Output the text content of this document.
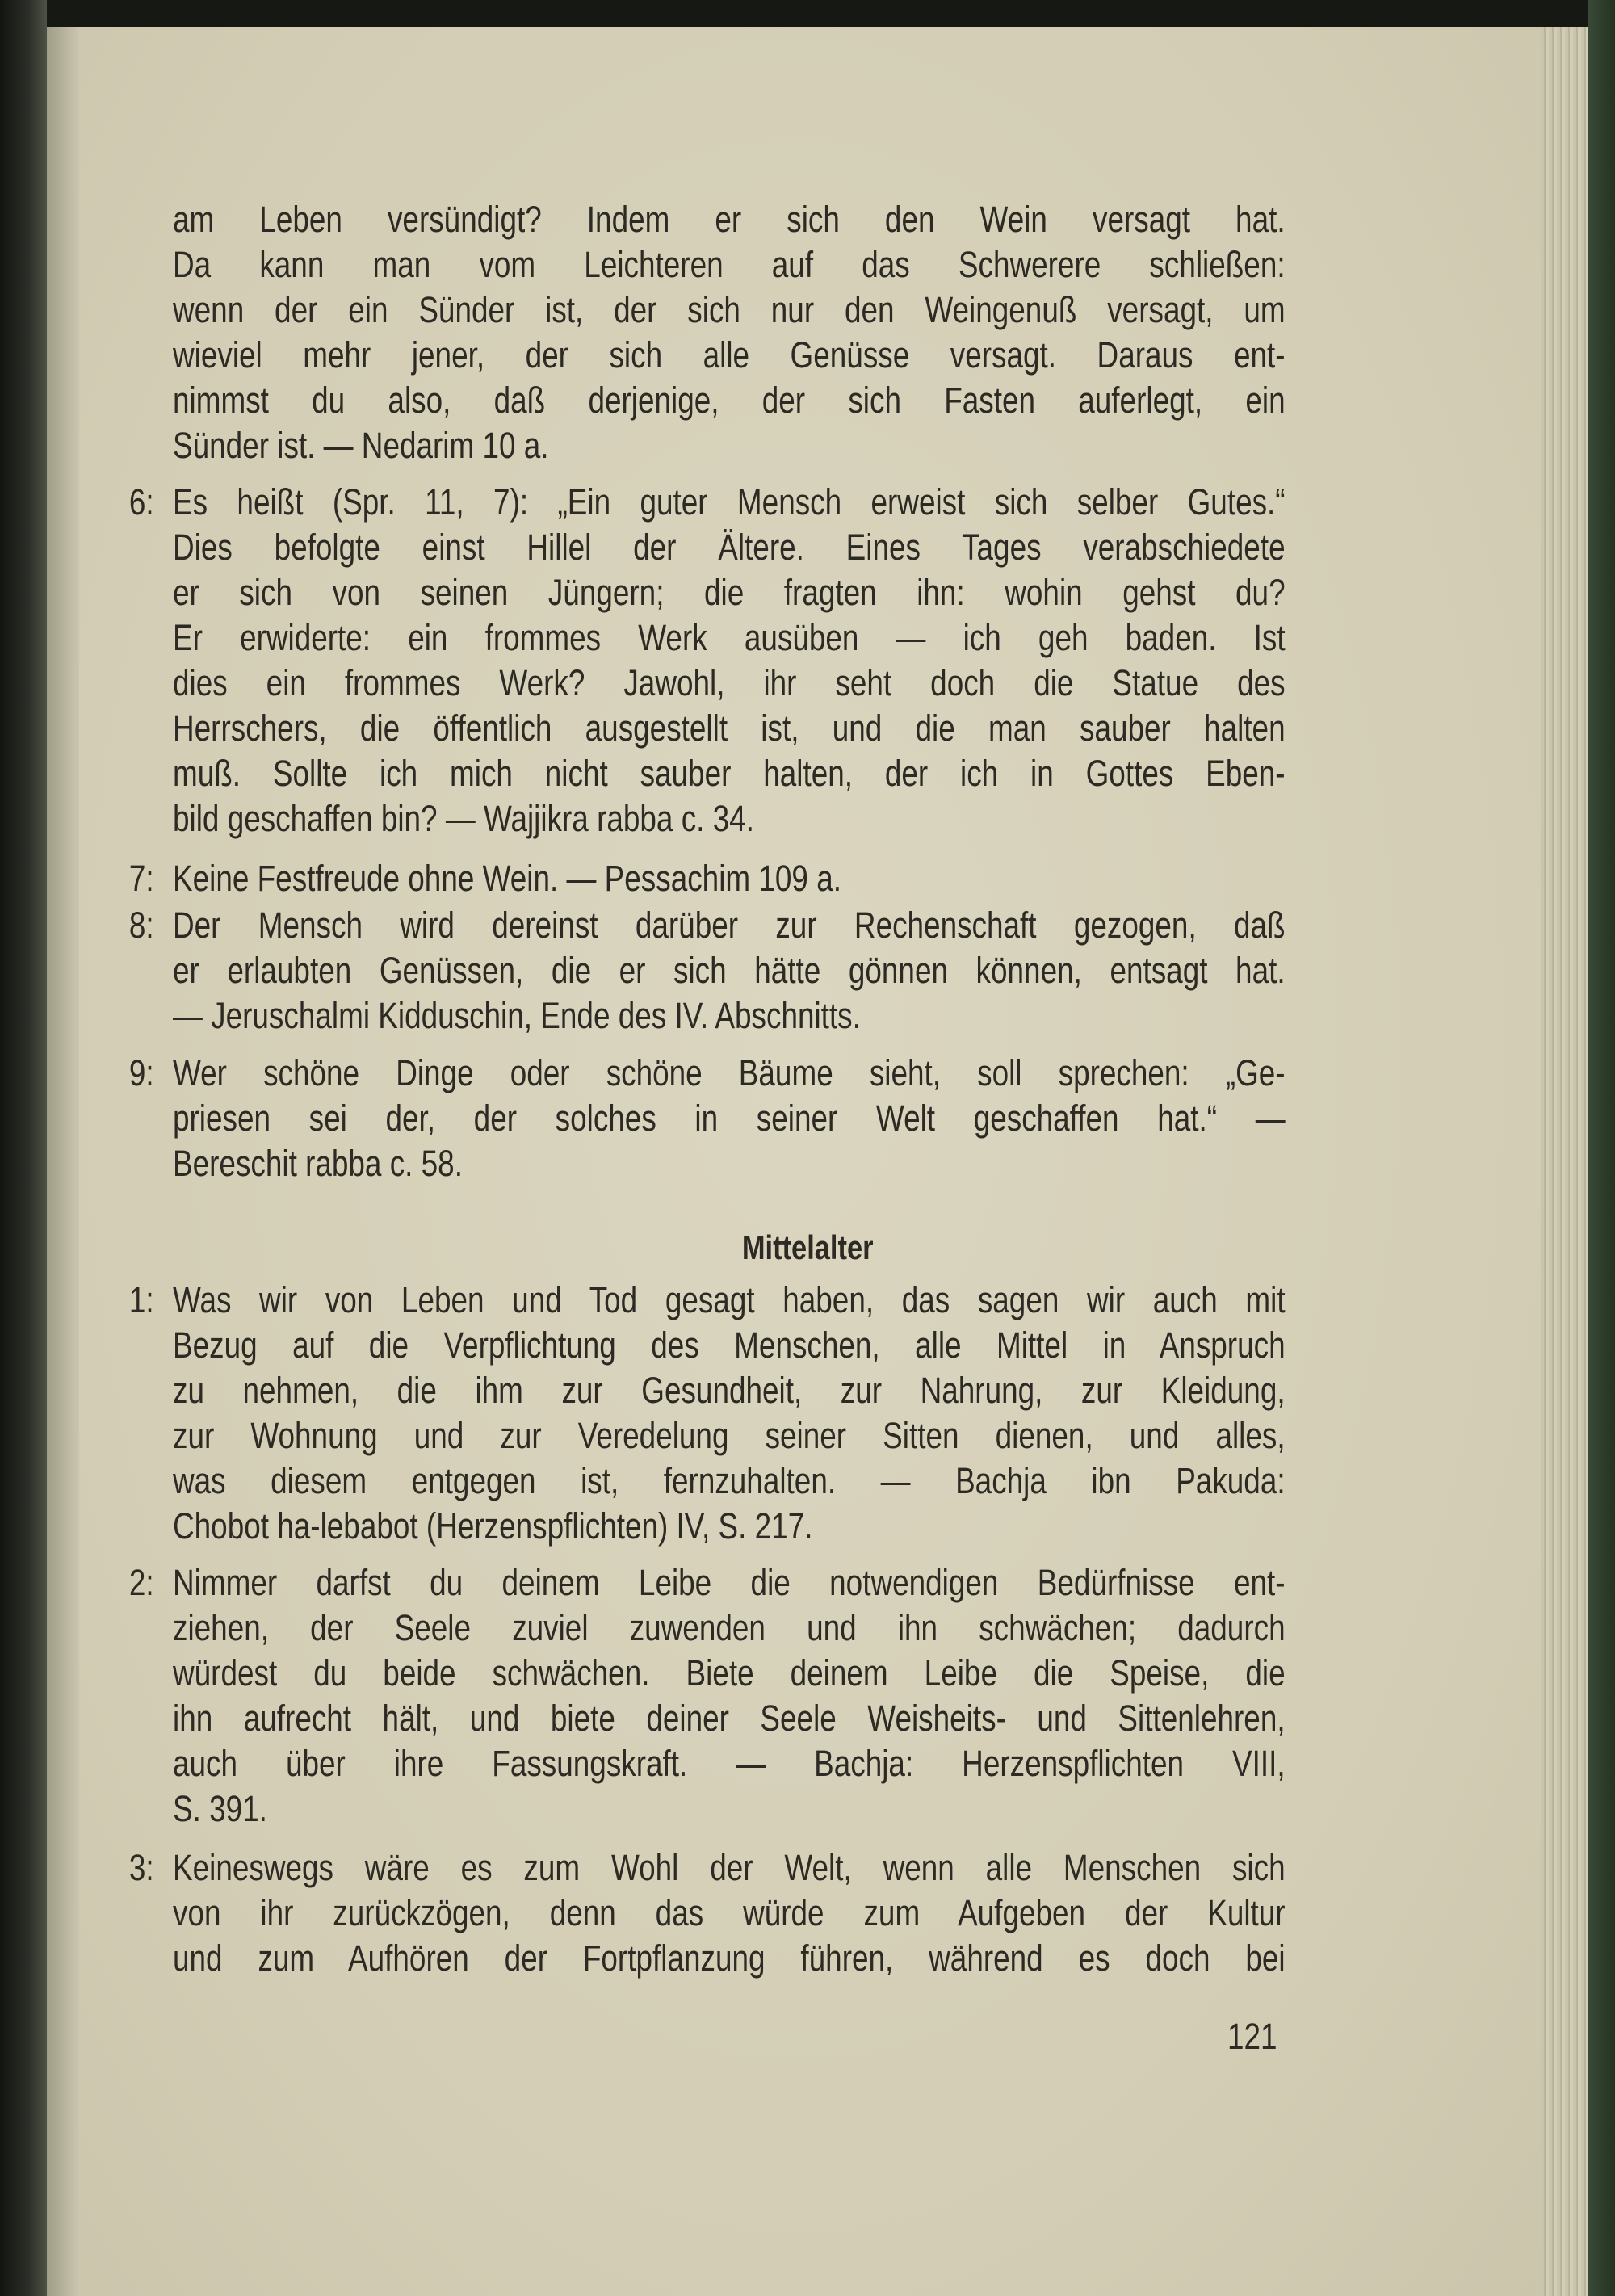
am Leben versündigt? Indem er sich den Wein versagt hat.
Da kann man vom Leichteren auf das Schwerere schließen:
wenn der ein Sünder ist, der sich nur den Weingenuß versagt, um
wieviel mehr jener, der sich alle Genüsse versagt. Daraus ent-
nimmst du also, daß derjenige, der sich Fasten auferlegt, ein
Sünder ist. — Nedarim 10 a.
6: Es heißt (Spr. 11, 7): „Ein guter Mensch erweist sich selber Gutes.“
Dies befolgte einst Hillel der Ältere. Eines Tages verabschiedete
er sich von seinen Jüngern; die fragten ihn: wohin gehst du?
Er erwiderte: ein frommes Werk ausüben — ich geh baden. Ist
dies ein frommes Werk? Jawohl, ihr seht doch die Statue des
Herrschers, die öffentlich ausgestellt ist, und die man sauber halten
muß. Sollte ich mich nicht sauber halten, der ich in Gottes Eben-
bild geschaffen bin? — Wajjikra rabba c. 34.
7: Keine Festfreude ohne Wein. — Pessachim 109 a.
8: Der Mensch wird dereinst darüber zur Rechenschaft gezogen, daß
er erlaubten Genüssen, die er sich hätte gönnen können, entsagt hat.
— Jeruschalmi Kidduschin, Ende des IV. Abschnitts.
9: Wer schöne Dinge oder schöne Bäume sieht, soll sprechen: „Ge-
priesen sei der, der solches in seiner Welt geschaffen hat.“ —
Bereschit rabba c. 58.
1: Was wir von Leben und Tod gesagt haben, das sagen wir auch mit
Bezug auf die Verpflichtung des Menschen, alle Mittel in Anspruch
zu nehmen, die ihm zur Gesundheit, zur Nahrung, zur Kleidung,
zur Wohnung und zur Veredelung seiner Sitten dienen, und alles,
was diesem entgegen ist, fernzuhalten. — Bachja ibn Pakuda:
Chobot ha-lebabot (Herzenspflichten) IV, S. 217.
2: Nimmer darfst du deinem Leibe die notwendigen Bedürfnisse ent-
ziehen, der Seele zuviel zuwenden und ihn schwächen; dadurch
würdest du beide schwächen. Biete deinem Leibe die Speise, die
ihn aufrecht hält, und biete deiner Seele Weisheits- und Sittenlehren,
auch über ihre Fassungskraft. — Bachja: Herzenspflichten VIII,
S. 391.
3: Keineswegs wäre es zum Wohl der Welt, wenn alle Menschen sich
von ihr zurückzögen, denn das würde zum Aufgeben der Kultur
und zum Aufhören der Fortpflanzung führen, während es doch bei
Mittelalter
121
